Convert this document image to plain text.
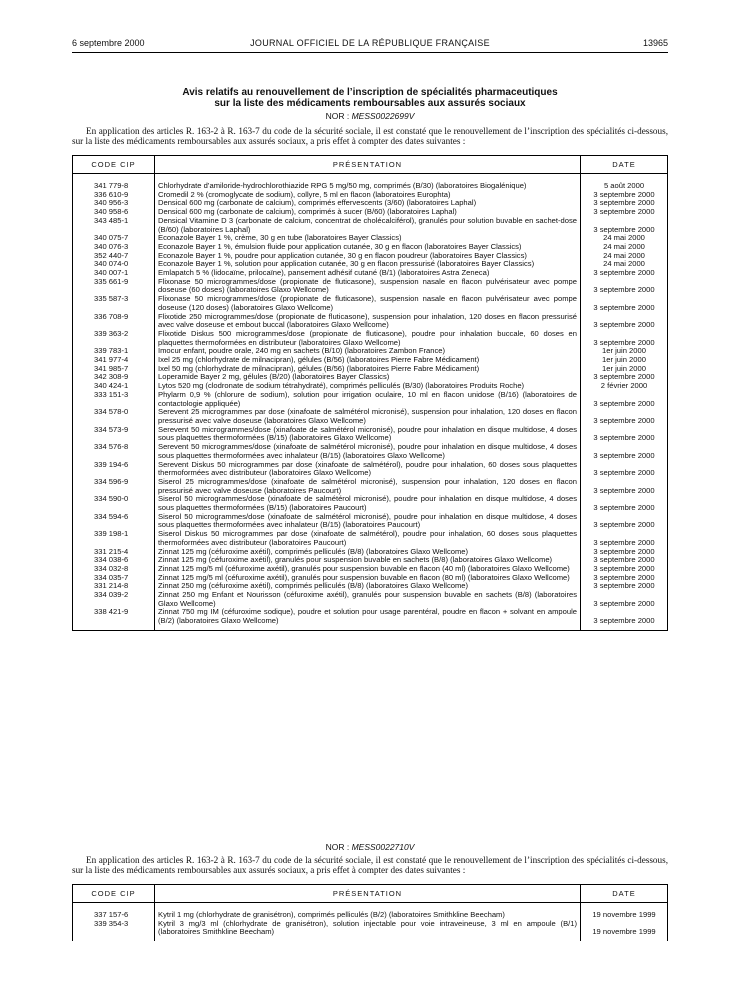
6 septembre 2000	JOURNAL OFFICIEL DE LA RÉPUBLIQUE FRANÇAISE	13965
Avis relatifs au renouvellement de l’inscription de spécialités pharmaceutiques
sur la liste des médicaments remboursables aux assurés sociaux
NOR : MESS0022699V
En application des articles R. 163-2 à R. 163-7 du code de la sécurité sociale, il est constaté que le renouvellement de l’inscription des spécialités ci-dessous, sur la liste des médicaments remboursables aux assurés sociaux, a pris effet à compter des dates suivantes :
CODE CIP	PRÉSENTATION	DATE

341 779-8	Chlorhydrate d’amiloride-hydrochlorothiazide RPG 5 mg/50 mg, comprimés (B/30) (laboratoires Biogalénique)	5 août 2000
336 610-9	Cromedil 2 % (cromoglycate de sodium), collyre, 5 ml en flacon (laboratoires Europhta)	3 septembre 2000
340 956-3	Densical 600 mg (carbonate de calcium), comprimés effervescents (3/60) (laboratoires Laphal)	3 septembre 2000
340 958-6	Densical 600 mg (carbonate de calcium), comprimés à sucer (B/60) (laboratoires Laphal)	3 septembre 2000
343 485-1	Densical Vitamine D 3 (carbonate de calcium, concentrat de cholécalciférol), granulés pour solution buvable en sachet-dose (B/60) (laboratoires Laphal)	3 septembre 2000
340 075-7	Econazole Bayer 1 %, crème, 30 g en tube (laboratoires Bayer Classics)	24 mai 2000
340 076-3	Econazole Bayer 1 %, émulsion fluide pour application cutanée, 30 g en flacon (laboratoires Bayer Classics)	24 mai 2000
352 440-7	Econazole Bayer 1 %, poudre pour application cutanée, 30 g en flacon poudreur (laboratoires Bayer Classics)	24 mai 2000
340 074-0	Econazole Bayer 1 %, solution pour application cutanée, 30 g en flacon pressurisé (laboratoires Bayer Classics)	24 mai 2000
340 007-1	Emlapatch 5 % (lidocaïne, prilocaïne), pansement adhésif cutané (B/1) (laboratoires Astra Zeneca)	3 septembre 2000
335 661-9	Flixonase 50 microgrammes/dose (propionate de fluticasone), suspension nasale en flacon pulvérisateur avec pompe doseuse (60 doses) (laboratoires Glaxo Wellcome)	3 septembre 2000
335 587-3	Flixonase 50 microgrammes/dose (propionate de fluticasone), suspension nasale en flacon pulvérisateur avec pompe doseuse (120 doses) (laboratoires Glaxo Wellcome)	3 septembre 2000
336 708-9	Flixotide 250 microgrammes/dose (propionate de fluticasone), suspension pour inhalation, 120 doses en flacon pressurisé avec valve doseuse et embout buccal (laboratoires Glaxo Wellcome)	3 septembre 2000
339 363-2	Flixotide Diskus 500 microgrammes/dose (propionate de fluticasone), poudre pour inhalation buccale, 60 doses en plaquettes thermoformées en distributeur (laboratoires Glaxo Wellcome)	3 septembre 2000
339 783-1	Imocur enfant, poudre orale, 240 mg en sachets (B/10) (laboratoires Zambon France)	1er juin 2000
341 977-4	Ixel 25 mg (chlorhydrate de milnacipran), gélules (B/56) (laboratoires Pierre Fabre Médicament)	1er juin 2000
341 985-7	Ixel 50 mg (chlorhydrate de milnacipran), gélules (B/56) (laboratoires Pierre Fabre Médicament)	1er juin 2000
342 308-9	Loperamide Bayer 2 mg, gélules (B/20) (laboratoires Bayer Classics)	3 septembre 2000
340 424-1	Lytos 520 mg (clodronate de sodium tétrahydraté), comprimés pelliculés (B/30) (laboratoires Produits Roche)	2 février 2000
333 151-3	Phylarm 0,9 % (chlorure de sodium), solution pour irrigation oculaire, 10 ml en flacon unidose (B/16) (laboratoires de contactologie appliquée)	3 septembre 2000
334 578-0	Serevent 25 microgrammes par dose (xinafoate de salmétérol micronisé), suspension pour inhalation, 120 doses en flacon pressurisé avec valve doseuse (laboratoires Glaxo Wellcome)	3 septembre 2000
334 573-9	Serevent 50 microgrammes/dose (xinafoate de salmétérol micronisé), poudre pour inhalation en disque multidose, 4 doses sous plaquettes thermoformées (B/15) (laboratoires Glaxo Wellcome)	3 septembre 2000
334 576-8	Serevent 50 microgrammes/dose (xinafoate de salmétérol micronisé), poudre pour inhalation en disque multidose, 4 doses sous plaquettes thermoformées avec inhalateur (B/15) (laboratoires Glaxo Wellcome)	3 septembre 2000
339 194-6	Serevent Diskus 50 microgrammes par dose (xinafoate de salmétérol), poudre pour inhalation, 60 doses sous plaquettes thermoformées avec distributeur (laboratoires Glaxo Wellcome)	3 septembre 2000
334 596-9	Siserol 25 microgrammes/dose (xinafoate de salmétérol micronisé), suspension pour inhalation, 120 doses en flacon pressurisé avec valve doseuse (laboratoires Paucourt)	3 septembre 2000
334 590-0	Siserol 50 microgrammes/dose (xinafoate de salmétérol micronisé), poudre pour inhalation en disque multidose, 4 doses sous plaquettes thermoformées (B/15) (laboratoires Paucourt)	3 septembre 2000
334 594-6	Siserol 50 microgrammes/dose (xinafoate de salmétérol micronisé), poudre pour inhalation en disque multidose, 4 doses sous plaquettes thermoformées avec inhalateur (B/15) (laboratoires Paucourt)	3 septembre 2000
339 198-1	Siserol Diskus 50 microgrammes par dose (xinafoate de salmétérol), poudre pour inhalation, 60 doses sous plaquettes thermoformées avec distributeur (laboratoires Paucourt)	3 septembre 2000
331 215-4	Zinnat 125 mg (céfuroxime axétil), comprimés pelliculés (B/8) (laboratoires Glaxo Wellcome)	3 septembre 2000
334 038-6	Zinnat 125 mg (céfuroxime axétil), granulés pour suspension buvable en sachets (B/8) (laboratoires Glaxo Wellcome)	3 septembre 2000
334 032-8	Zinnat 125 mg/5 ml (céfuroxime axétil), granulés pour suspension buvable en flacon (40 ml) (laboratoires Glaxo Wellcome)	3 septembre 2000
334 035-7	Zinnat 125 mg/5 ml (céfuroxime axétil), granulés pour suspension buvable en flacon (80 ml) (laboratoires Glaxo Wellcome)	3 septembre 2000
331 214-8	Zinnat 250 mg (céfuroxime axétil), comprimés pelliculés (B/8) (laboratoires Glaxo Wellcome)	3 septembre 2000
334 039-2	Zinnat 250 mg Enfant et Nourisson (céfuroxime axétil), granulés pour suspension buvable en sachets (B/8) (laboratoires Glaxo Wellcome)	3 septembre 2000
338 421-9	Zinnat 750 mg IM (céfuroxime sodique), poudre et solution pour usage parentéral, poudre en flacon + solvant en ampoule (B/2) (laboratoires Glaxo Wellcome)	3 septembre 2000

NOR : MESS0022710V
En application des articles R. 163-2 à R. 163-7 du code de la sécurité sociale, il est constaté que le renouvellement de l’inscription des spécialités ci-dessous, sur la liste des médicaments remboursables aux assurés sociaux, a pris effet à compter des dates suivantes :
CODE CIP	PRÉSENTATION	DATE

337 157-6	Kytril 1 mg (chlorhydrate de granisétron), comprimés pelliculés (B/2) (laboratoires Smithkline Beecham)	19 novembre 1999
339 354-3	Kytril 3 mg/3 ml (chlorhydrate de granisétron), solution injectable pour voie intraveineuse, 3 ml en ampoule (B/1) (laboratoires Smithkline Beecham)	19 novembre 1999
